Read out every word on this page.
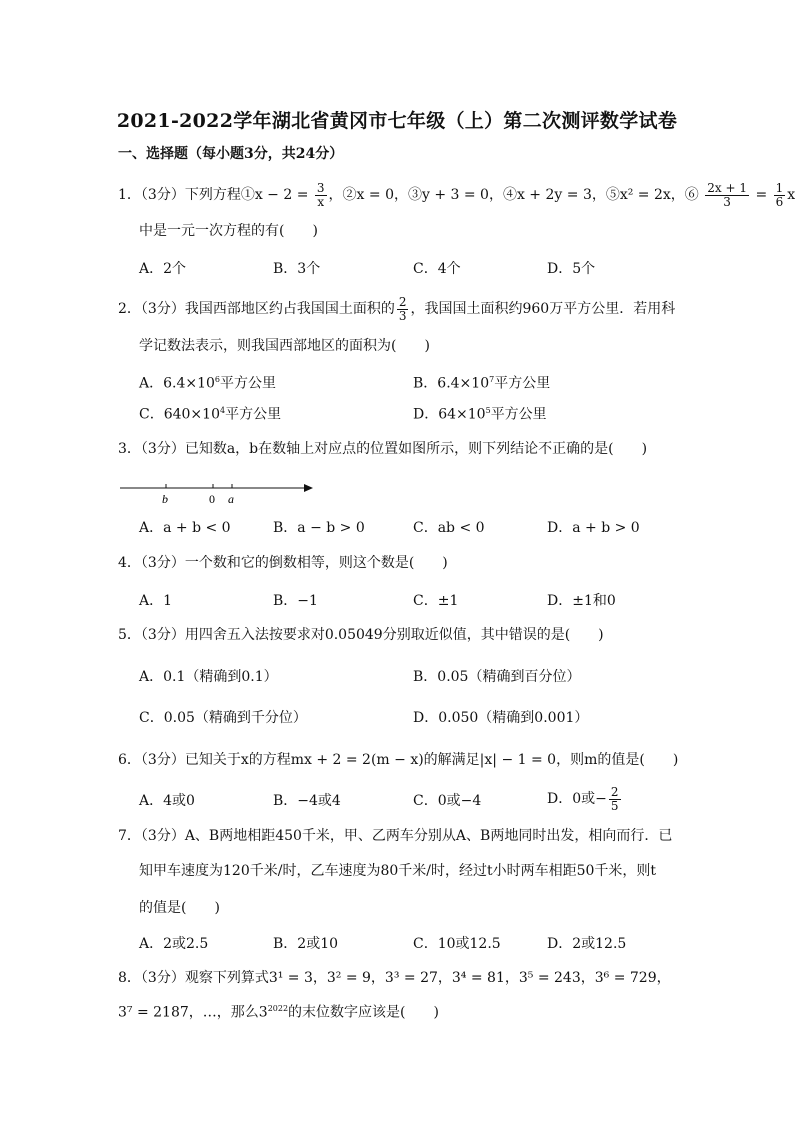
2021-2022学年湖北省黄冈市七年级（上）第二次测评数学试卷
一、选择题（每小题3分，共24分）
1．（3分）下列方程①x − $2 = \frac{3}{x}$ ，②x = 0，③y + 3 = 0，④x + 2y = 3，⑤x² = 2x，⑥ $\frac{2x + 1}{3} = \frac{1}{6}$ x
中是一元一次方程的有(　　)
A．2个	B．3个	C．4个	D．5个
2．（3分）我国西部地区约占我国国土面积的 $\frac{2}{3}$ ，我国国土面积约960万平方公里．若用科
学记数法表示，则我国西部地区的面积为(　　)
A．$6.4\times 10^6$平方公里	B．$6.4\times 10^7$平方公里
C．$640\times 10^4$平方公里	D．$64\times 10^5$平方公里
3．（3分）已知数a，b在数轴上对应点的位置如图所示，则下列结论不正确的是(　　)
b	0 a
A．a + b < 0	B．a − b > 0	C．ab < 0	D．a + b > 0
4．（3分）一个数和它的倒数相等，则这个数是(　　)
A．1	B．−1	C．±1	D．±1和0
5．（3分）用四舍五入法按要求对0.05049分别取近似值，其中错误的是(　　)
A．0.1（精确到0.1）	B．0.05（精确到百分位）
C．0.05（精确到千分位）	D．0.050（精确到0.001）
6．（3分）已知关于x的方程mx + 2 = 2(m − x)的解满足|x| − 1 = 0，则m的值是(　　)
A．4或0	B．−4或4	C．0或−4	D．0或− $\frac{2}{5}$
7．（3分）A、B两地相距450千米，甲、乙两车分别从A、B两地同时出发，相向而行．已
知甲车速度为120千米/时，乙车速度为80千米/时，经过t小时两车相距50千米，则t
的值是(　　)
A．2或2.5	B．2或10	C．10或12.5	D．2或12.5
8．（3分）观察下列算式3¹ = 3，3² = 9，3³ = 27，3⁴ = 81，3⁵ = 243，3⁶ = 729，
3⁷ = 2187，…，那么$3^{2022}$的末位数字应该是(　　)
